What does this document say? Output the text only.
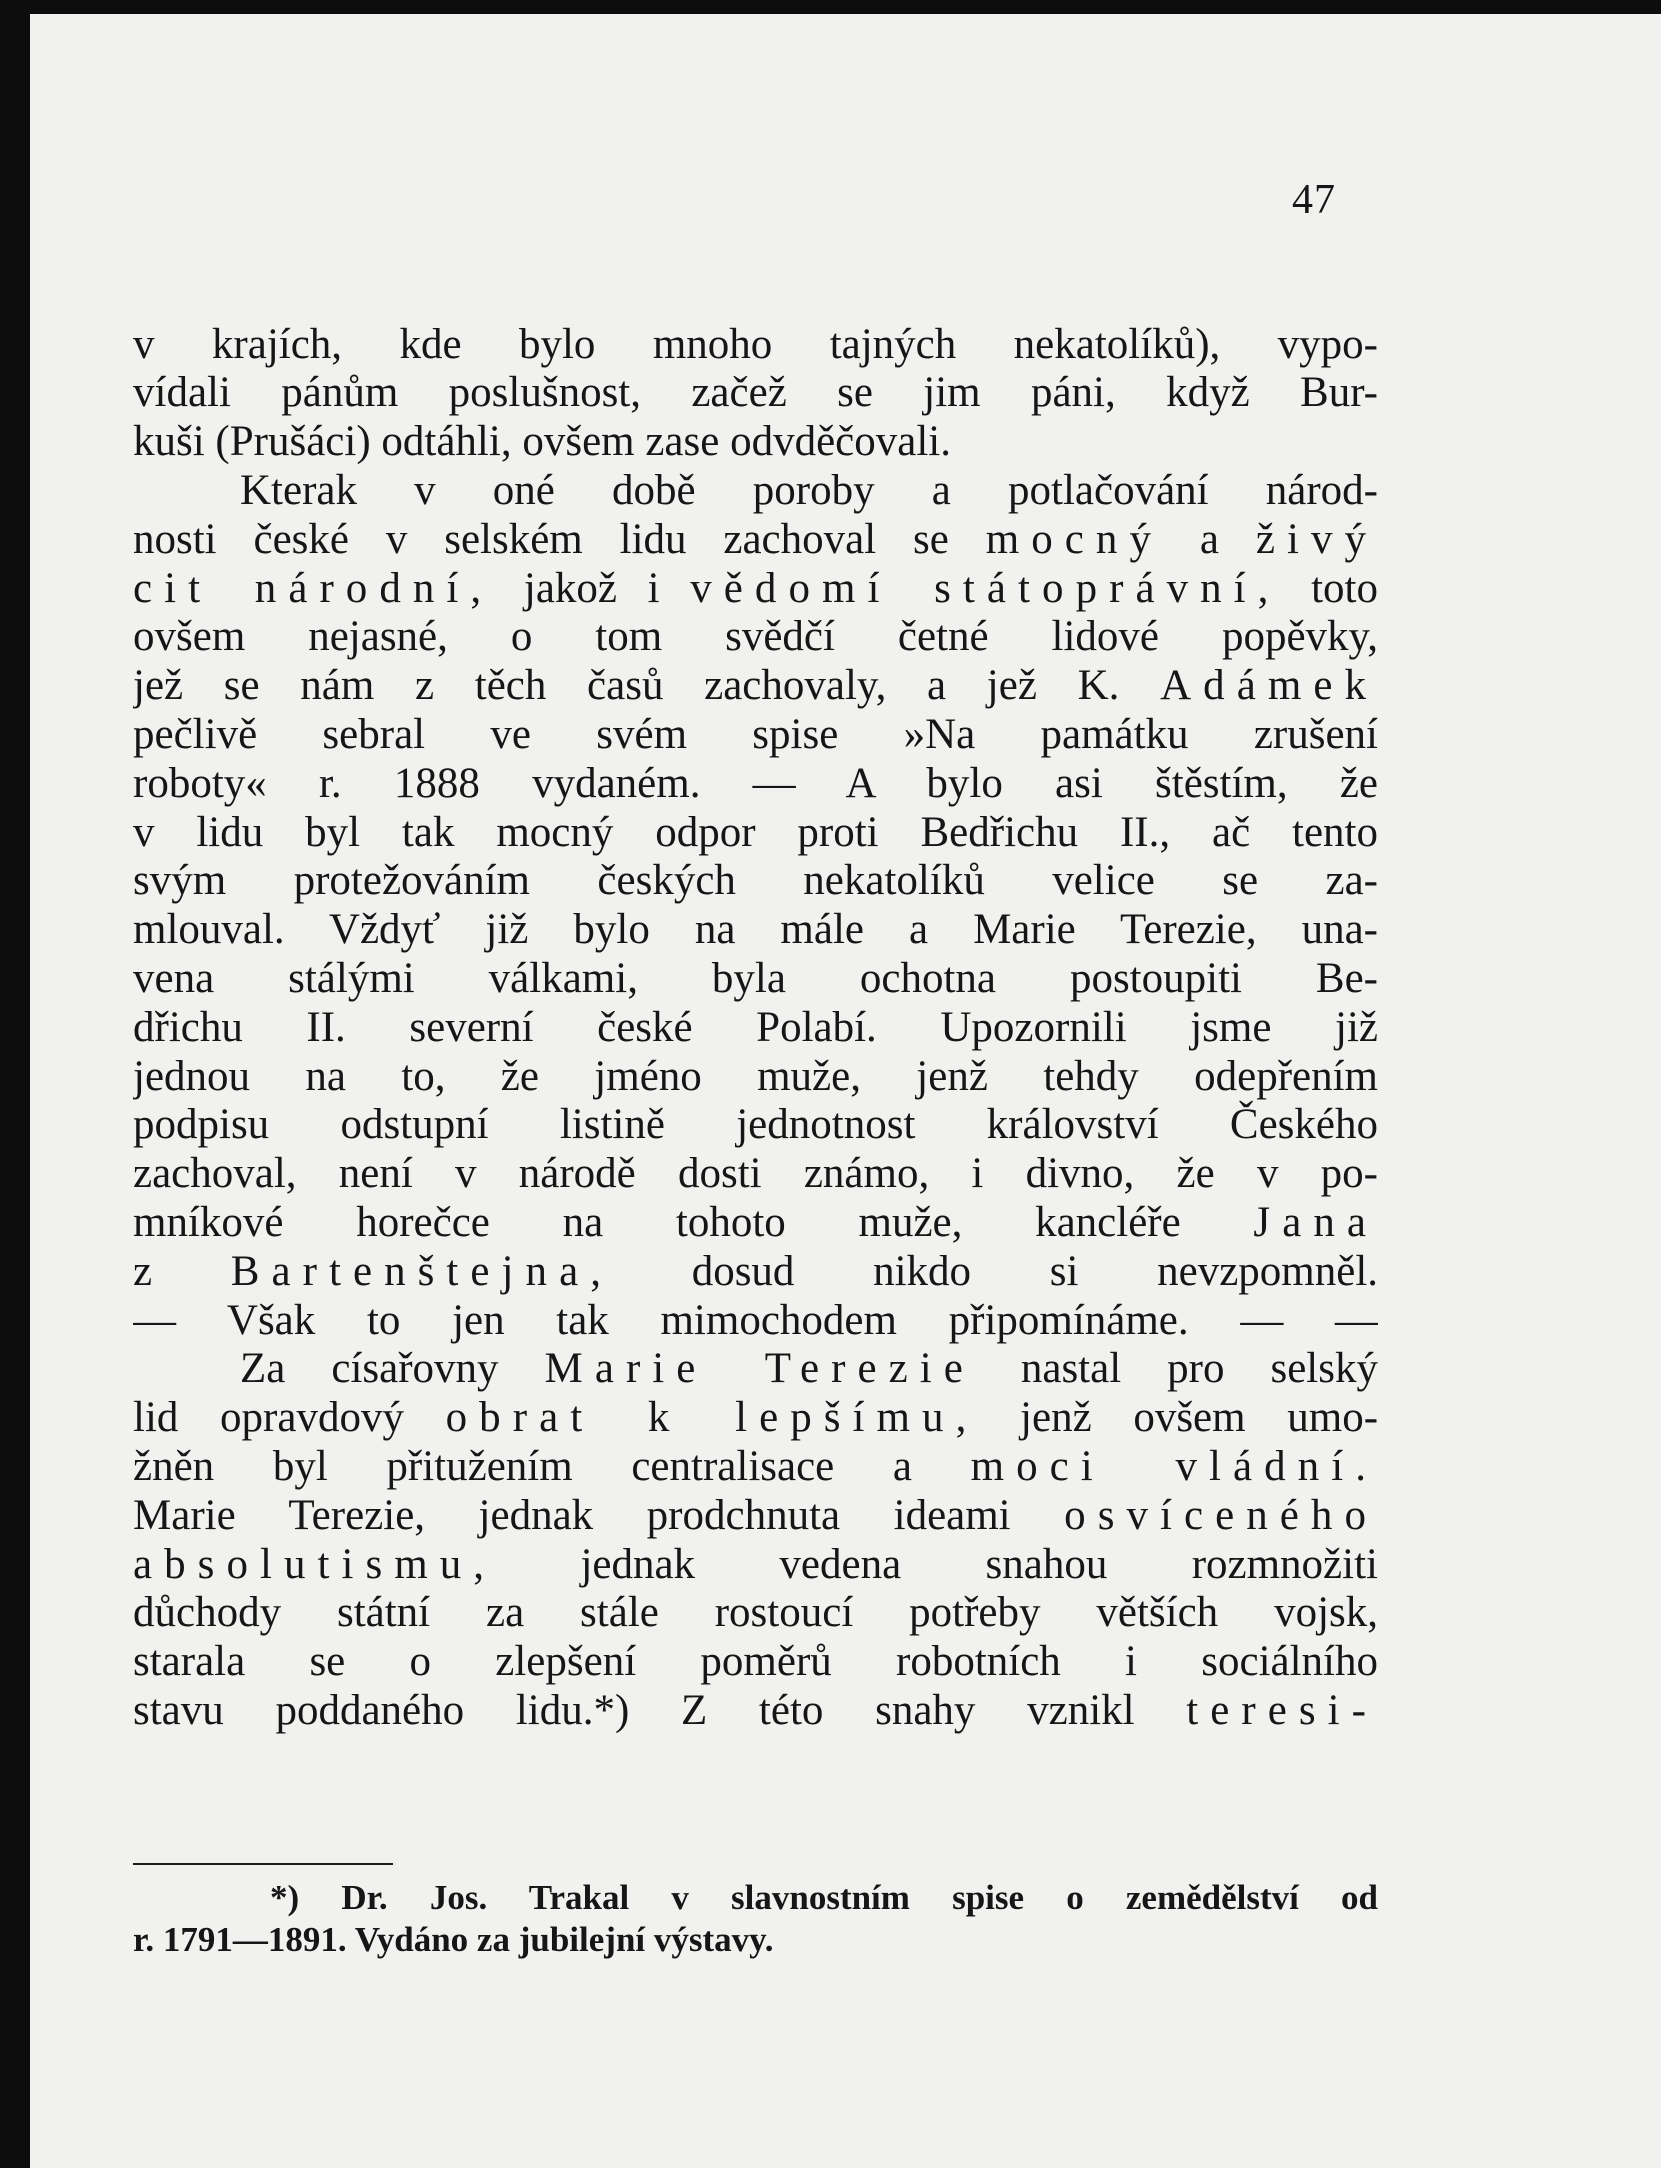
47
v krajích, kde bylo mnoho tajných nekatolíků), vypo-
vídali pánům poslušnost, začež se jim páni, když Bur-
kuši (Prušáci) odtáhli, ovšem zase odvděčovali.
Kterak v oné době poroby a potlačování národ-
nosti české v selském lidu zachoval se mocný a živý
cit národní, jakož i vědomí státoprávní, toto
ovšem nejasné, o tom svědčí četné lidové popěvky,
jež se nám z těch časů zachovaly, a jež K. Adámek
pečlivě sebral ve svém spise »Na památku zrušení
roboty« r. 1888 vydaném. — A bylo asi štěstím, že
v lidu byl tak mocný odpor proti Bedřichu II., ač tento
svým protežováním českých nekatolíků velice se za-
mlouval. Vždyť již bylo na mále a Marie Terezie, una-
vena stálými válkami, byla ochotna postoupiti Be-
dřichu II. severní české Polabí. Upozornili jsme již
jednou na to, že jméno muže, jenž tehdy odepřením
podpisu odstupní listině jednotnost království Českého
zachoval, není v národě dosti známo, i divno, že v po-
mníkové horečce na tohoto muže, kancléře Jana
z Bartenštejna, dosud nikdo si nevzpomněl.
— Však to jen tak mimochodem připomínáme. — —
Za císařovny Marie Terezie nastal pro selský
lid opravdový obrat k lepšímu, jenž ovšem umo-
žněn byl přitužením centralisace a moci vládní.
Marie Terezie, jednak prodchnuta ideami osvíceného
absolutismu, jednak vedena snahou rozmnožiti
důchody státní za stále rostoucí potřeby větších vojsk,
starala se o zlepšení poměrů robotních i sociálního
stavu poddaného lidu.*) Z této snahy vznikl teresi-
*) Dr. Jos. Trakal v slavnostním spise o zemědělství od
r. 1791—1891. Vydáno za jubilejní výstavy.
